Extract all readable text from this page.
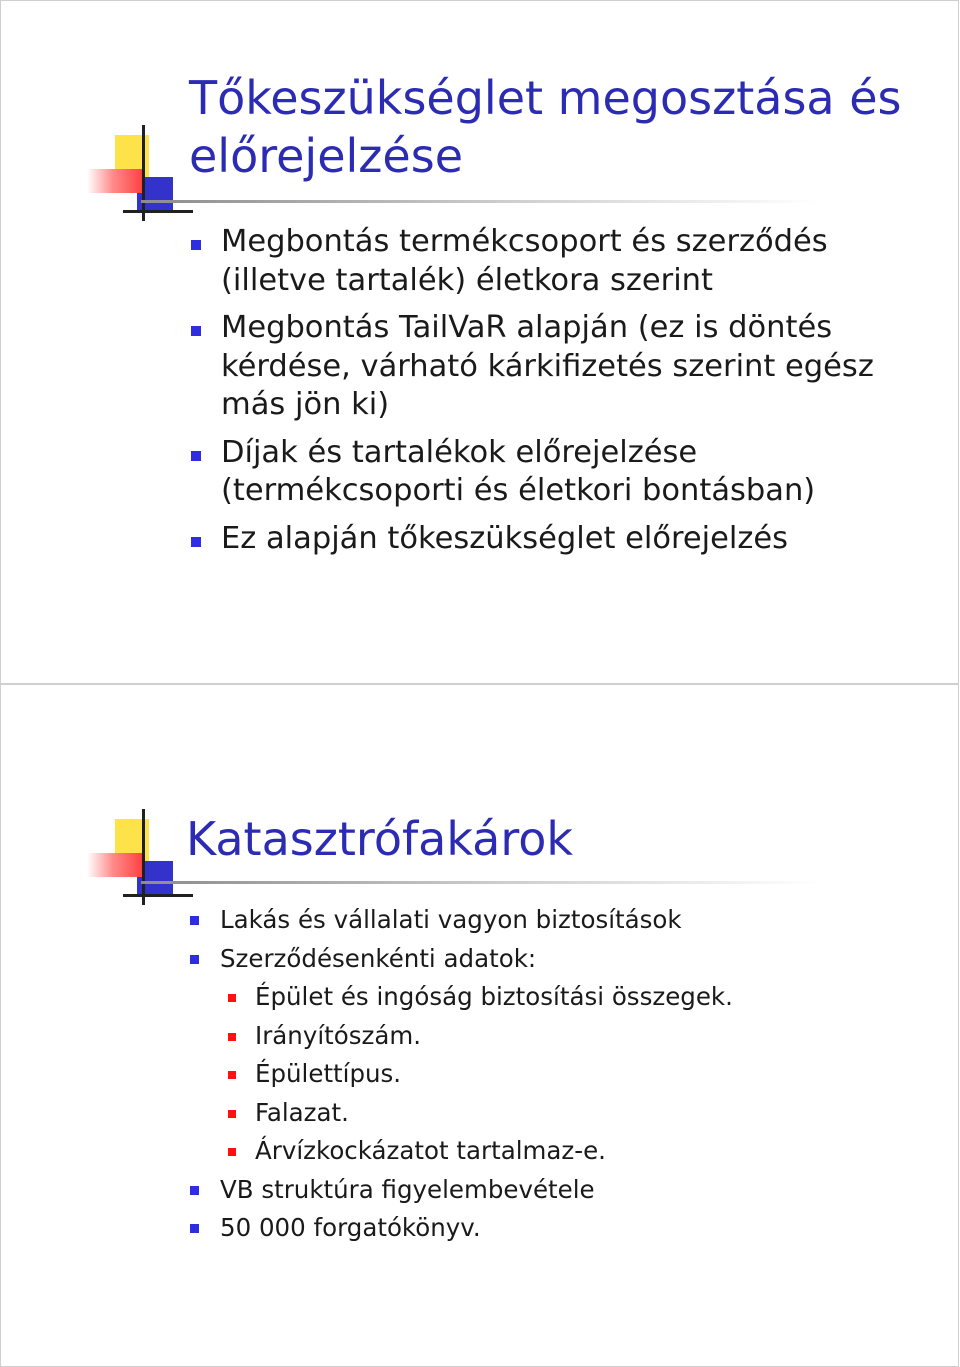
Tőkeszükséglet megosztása és előrejelzése
Megbontás termékcsoport és szerződés (illetve tartalék) életkora szerint
Megbontás TailVaR alapján (ez is döntés kérdése, várható kárkifizetés szerint egész más jön ki)
Díjak és tartalékok előrejelzése (termékcsoporti és életkori bontásban)
Ez alapján tőkeszükséglet előrejelzés
Katasztrófakárok
Lakás és vállalati vagyon biztosítások
Szerződésenkénti adatok:
Épület és ingóság biztosítási összegek.
Irányítószám.
Épülettípus.
Falazat.
Árvízkockázatot tartalmaz-e.
VB struktúra figyelembevétele
50 000 forgatókönyv.
